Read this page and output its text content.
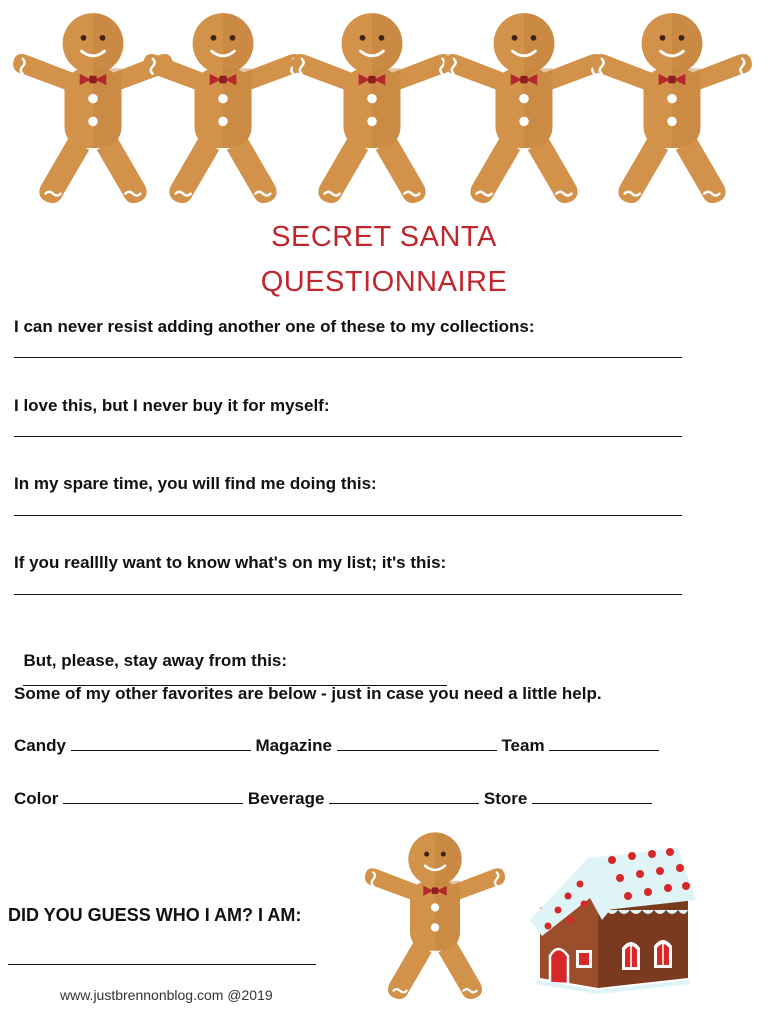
SECRET SANTA
QUESTIONNAIRE
I can never resist adding another one of these to my collections:
I love this, but I never buy it for myself:
In my spare time, you will find me doing this:
If you realllly want to know what's on my list; it's this:

But, please, stay away from this:

Some of my other favorites are below - just in case you need a little help.
Candy	Magazine	Team
Color	Beverage	Store
DID YOU GUESS WHO I AM? I AM:
www.justbrennonblog.com @2019
